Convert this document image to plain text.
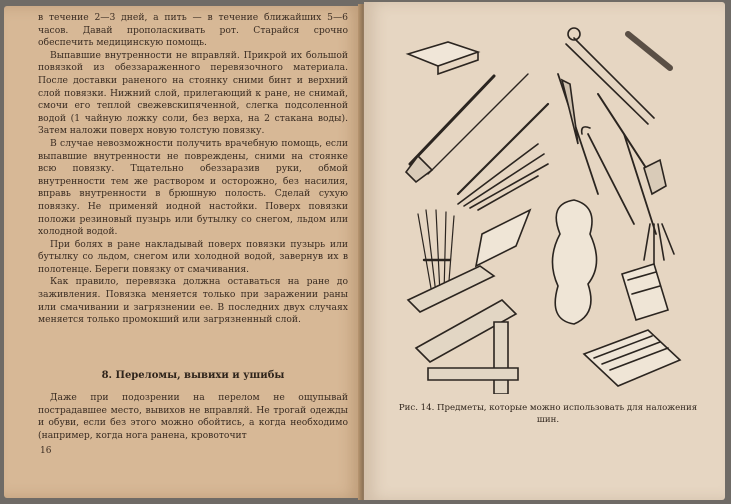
в течение 2—3 дней, а пить — в течение ближайших 5—6 часов. Давай прополаскивать рот. Старайся срочно обеспечить медицинскую помощь.

Выпавшие внутренности не вправляй. Прикрой их большой повязкой из обеззараженного перевязочного материала. После доставки раненого на стоянку сними бинт и верхний слой повязки. Нижний слой, прилегающий к ране, не снимай, смочи его теплой свежевскипяченной, слегка подсоленной водой (1 чайную ложку соли, без верха, на 2 стакана воды). Затем наложи поверх новую толстую повязку.

В случае невозможности получить врачебную помощь, если выпавшие внутренности не повреждены, сними на стоянке всю повязку. Тщательно обеззаразив руки, обмой внутренности тем же раствором и осторожно, без насилия, вправь внутренности в брюшную полость. Сделай сухую повязку. Не применяй иодной настойки. Поверх повязки положи резиновый пузырь или бутылку со снегом, льдом или холодной водой.

При болях в ране накладывай поверх повязки пузырь или бутылку со льдом, снегом или холодной водой, завернув их в полотенце. Береги повязку от смачивания.

Как правило, перевязка должна оставаться на ране до заживления. Повязка меняется только при заражении раны или смачивании и загрязнении ее. В последних двух случаях меняется только промокший или загрязненный слой.

8. Переломы, вывихи и ушибы

Даже при подозрении на перелом не ощупывай пострадавшее место, вывихов не вправляй. Не трогай одежды и обуви, если без этого можно обойтись, а когда необходимо (например, когда нога ранена, кровоточит

16
Рис. 14. Предметы, которые можно использовать для наложения шин.
